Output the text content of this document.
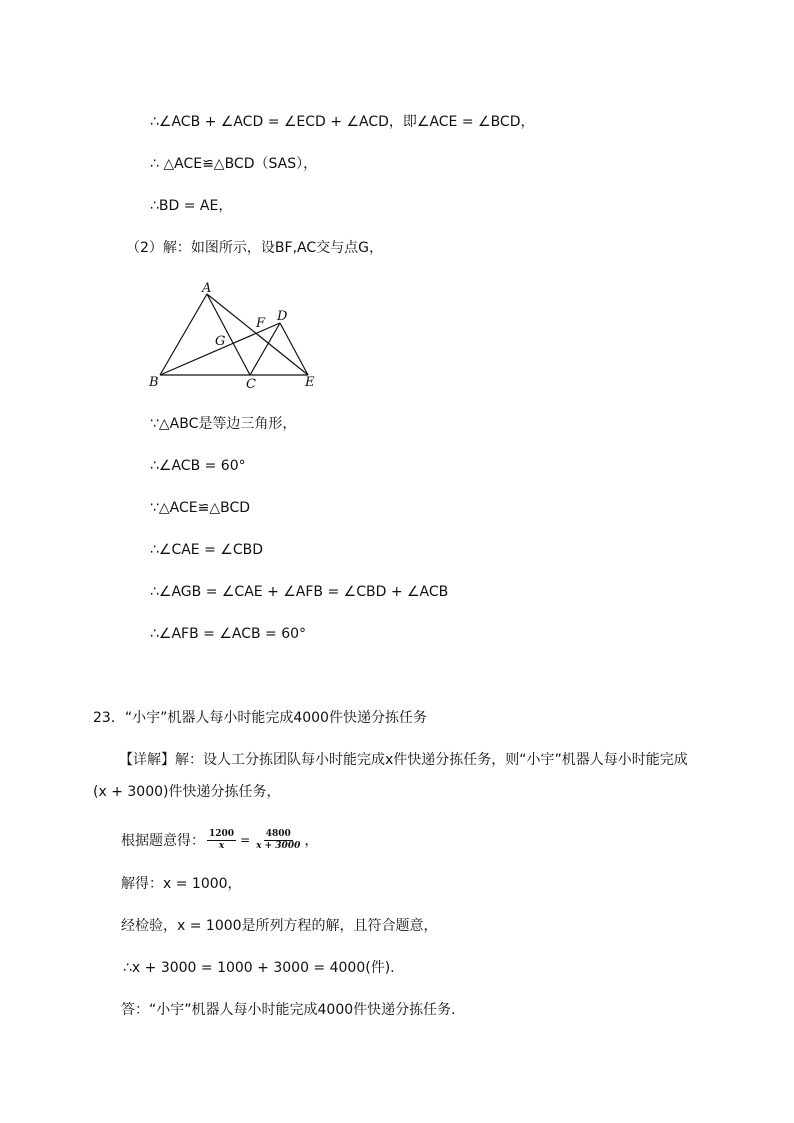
∴∠ACB + ∠ACD = ∠ECD + ∠ACD，即∠ACE = ∠BCD，
∴ △ACE≌△BCD（SAS），
∴BD = AE，
（2）解：如图所示，设BF,AC交与点G，
A
B	C
D
E
F
G
∵△ABC是等边三角形，
∴∠ACB = 60°
∵△ACE≌△BCD
∴∠CAE = ∠CBD
∴∠AGB = ∠CAE + ∠AFB = ∠CBD + ∠ACB
∴∠AFB = ∠ACB = 60°
23．“小宇”机器人每小时能完成4000件快递分拣任务
【详解】解：设人工分拣团队每小时能完成x件快递分拣任务，则“小宇”机器人每小时能完成
(x + 3000)件快递分拣任务，
根据题意得： $\frac{1200}{x} = \frac{4800}{x + 3000}$ ，
解得：x = 1000，
经检验，x = 1000是所列方程的解，且符合题意，
∴x + 3000 = 1000 + 3000 = 4000(件).
答：“小宇”机器人每小时能完成4000件快递分拣任务．
